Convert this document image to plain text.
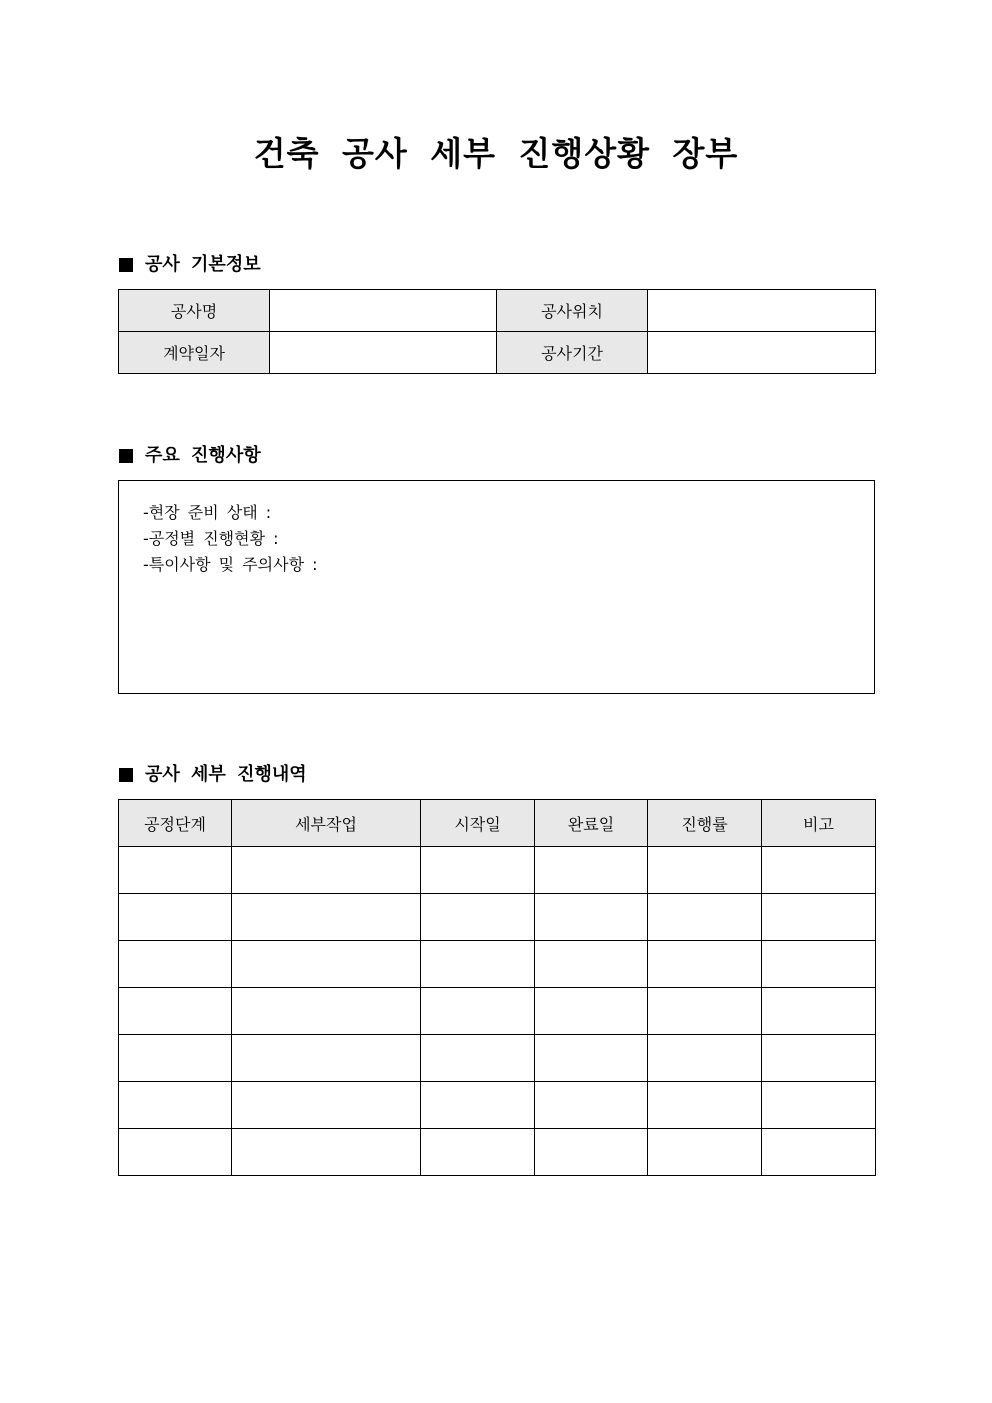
건축 공사 세부 진행상황 장부
공사 기본정보
공사명		공사위치	
계약일자		공사기간	
주요 진행사항
-현장 준비 상태 :
-공정별 진행현황 :
-특이사항 및 주의사항 :
공사 세부 진행내역
공정단계	세부작업	시작일	완료일	진행률	비고
